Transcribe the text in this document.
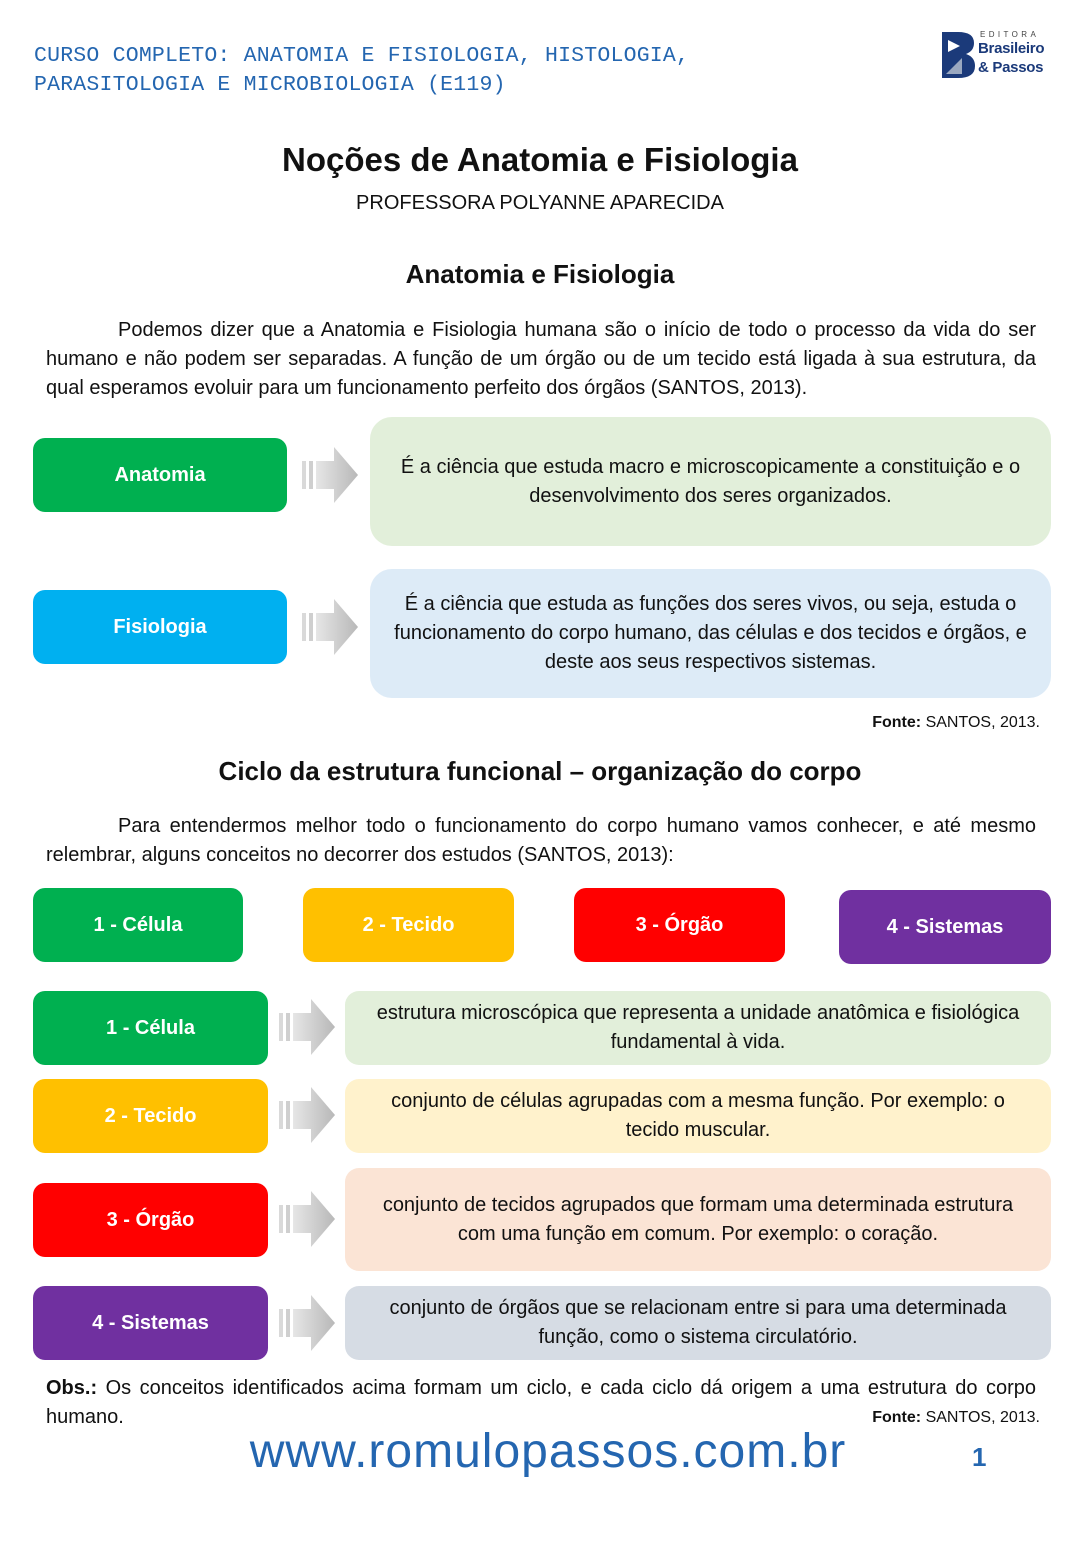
CURSO COMPLETO: ANATOMIA E FISIOLOGIA, HISTOLOGIA,
PARASITOLOGIA E MICROBIOLOGIA (E119)
EDITORA
Brasileiro
& Passos
Noções de Anatomia e Fisiologia
PROFESSORA POLYANNE APARECIDA
Anatomia e Fisiologia
Podemos dizer que a Anatomia e Fisiologia humana são o início de todo o processo da vida do ser humano e não podem ser separadas. A função de um órgão ou de um tecido está ligada à sua estrutura, da qual esperamos evoluir para um funcionamento perfeito dos órgãos (SANTOS, 2013).
Anatomia	É a ciência que estuda macro e microscopicamente a constituição e o desenvolvimento dos seres organizados.
Fisiologia
É a ciência que estuda as funções dos seres vivos, ou seja, estuda o funcionamento do corpo humano, das células e dos tecidos e órgãos, e deste aos seus respectivos sistemas.
Fonte: SANTOS, 2013.
Ciclo da estrutura funcional – organização do corpo
Para entendermos melhor todo o funcionamento do corpo humano vamos conhecer, e até mesmo relembrar, alguns conceitos no decorrer dos estudos (SANTOS, 2013):
1 - Célula	2 - Tecido	3 - Órgão	4 - Sistemas
1 - Célula
estrutura microscópica que representa a unidade anatômica e fisiológica fundamental à vida.
2 - Tecido
conjunto de células agrupadas com a mesma função. Por exemplo: o tecido muscular.
3 - Órgão
conjunto de tecidos agrupados que formam uma determinada estrutura com uma função em comum. Por exemplo: o coração.
4 - Sistemas
conjunto de órgãos que se relacionam entre si para uma determinada função, como o sistema circulatório.
Obs.: Os conceitos identificados acima formam um ciclo, e cada ciclo dá origem a uma estrutura do corpo humano.	Fonte: SANTOS, 2013.
www.romulopassos.com.br	1
